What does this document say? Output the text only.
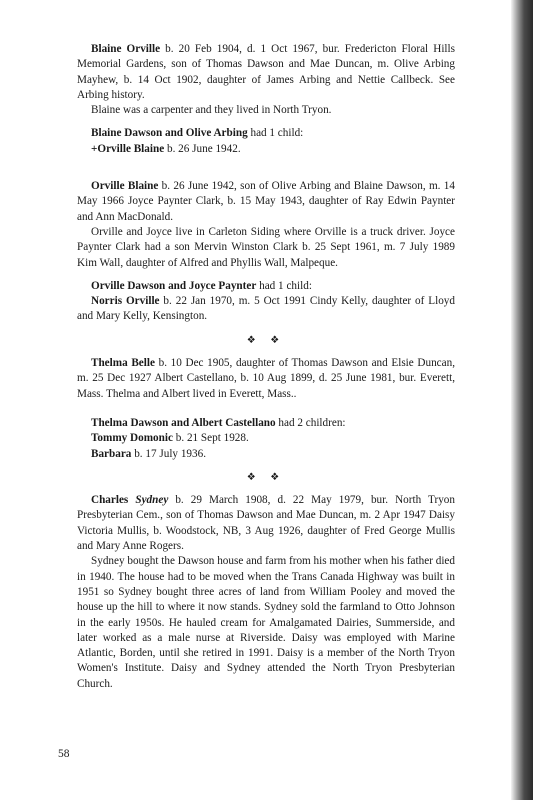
Blaine Orville b. 20 Feb 1904, d. 1 Oct 1967, bur. Fredericton Floral Hills Memorial Gardens, son of Thomas Dawson and Mae Duncan, m. Olive Arbing Mayhew, b. 14 Oct 1902, daughter of James Arbing and Nettie Callbeck. See Arbing history.

Blaine was a carpenter and they lived in North Tryon.

Blaine Dawson and Olive Arbing had 1 child:

+Orville Blaine b. 26 June 1942.

Orville Blaine b. 26 June 1942, son of Olive Arbing and Blaine Dawson, m. 14 May 1966 Joyce Paynter Clark, b. 15 May 1943, daughter of Ray Edwin Paynter and Ann MacDonald.

Orville and Joyce live in Carleton Siding where Orville is a truck driver. Joyce Paynter Clark had a son Mervin Winston Clark b. 25 Sept 1961, m. 7 July 1989 Kim Wall, daughter of Alfred and Phyllis Wall, Malpeque.

Orville Dawson and Joyce Paynter had 1 child:

Norris Orville b. 22 Jan 1970, m. 5 Oct 1991 Cindy Kelly, daughter of Lloyd and Mary Kelly, Kensington.

❖ ❖

Thelma Belle b. 10 Dec 1905, daughter of Thomas Dawson and Elsie Duncan, m. 25 Dec 1927 Albert Castellano, b. 10 Aug 1899, d. 25 June 1981, bur. Everett, Mass. Thelma and Albert lived in Everett, Mass..

Thelma Dawson and Albert Castellano had 2 children:

Tommy Domonic b. 21 Sept 1928.

Barbara b. 17 July 1936.

❖ ❖

Charles Sydney b. 29 March 1908, d. 22 May 1979, bur. North Tryon Presbyterian Cem., son of Thomas Dawson and Mae Duncan, m. 2 Apr 1947 Daisy Victoria Mullis, b. Woodstock, NB, 3 Aug 1926, daughter of Fred George Mullis and Mary Anne Rogers.

Sydney bought the Dawson house and farm from his mother when his father died in 1940. The house had to be moved when the Trans Canada Highway was built in 1951 so Sydney bought three acres of land from William Pooley and moved the house up the hill to where it now stands. Sydney sold the farmland to Otto Johnson in the early 1950s. He hauled cream for Amalgamated Dairies, Summerside, and later worked as a male nurse at Riverside. Daisy was employed with Marine Atlantic, Borden, until she retired in 1991. Daisy is a member of the North Tryon Women's Institute. Daisy and Sydney attended the North Tryon Presbyterian Church.

58
